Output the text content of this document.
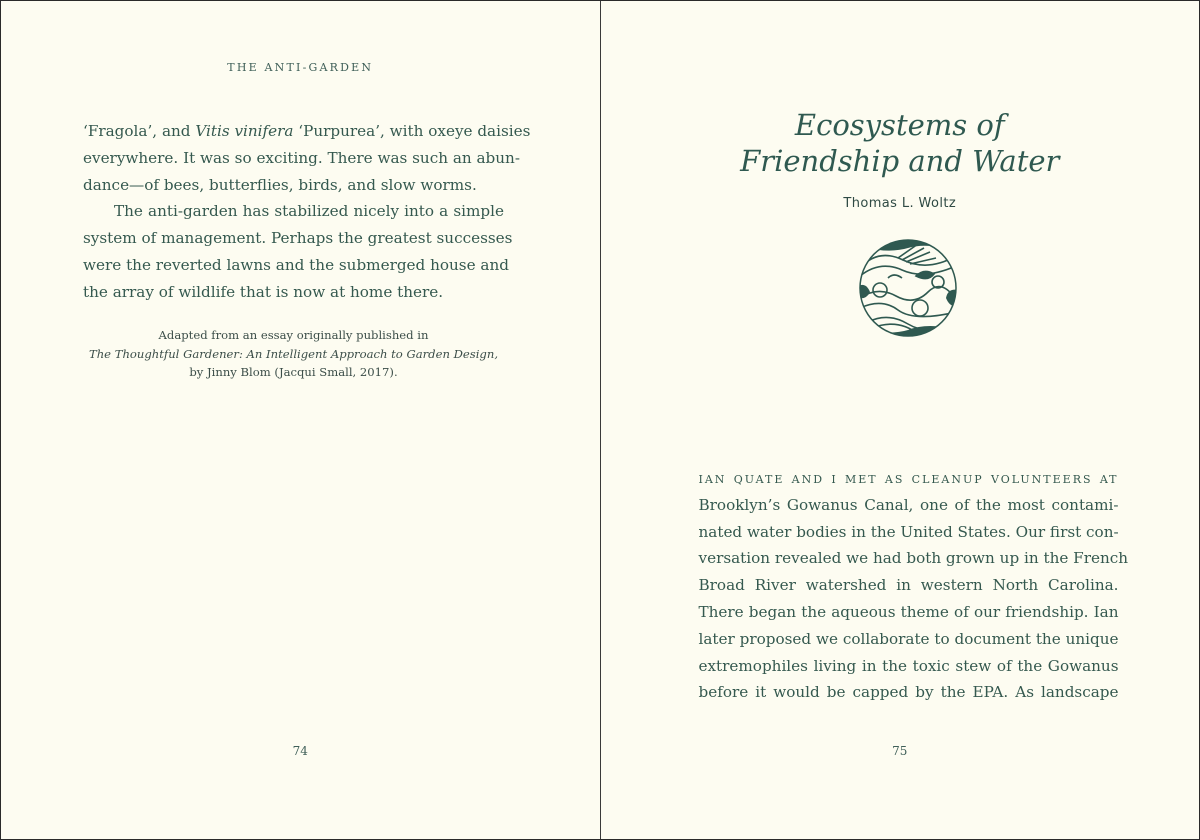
THE ANTI-GARDEN
‘Fragola’, and Vitis vinifera ‘Purpurea’, with oxeye daisies
everywhere. It was so exciting. There was such an abun-
dance—of bees, butterflies, birds, and slow worms.
The anti-garden has stabilized nicely into a simple
system of management. Perhaps the greatest successes
were the reverted lawns and the submerged house and
the array of wildlife that is now at home there.
Adapted from an essay originally published in
The Thoughtful Gardener: An Intelligent Approach to Garden Design,
by Jinny Blom (Jacqui Small, 2017).
74
Ecosystems of
Friendship and Water
Thomas L. Woltz
ian quate and i met as cleanup volunteers at
Brooklyn’s Gowanus Canal, one of the most contami-
nated water bodies in the United States. Our first con-
versation revealed we had both grown up in the French
Broad River watershed in western North Carolina.
There began the aqueous theme of our friendship. Ian
later proposed we collaborate to document the unique
extremophiles living in the toxic stew of the Gowanus
before it would be capped by the EPA. As landscape
75
